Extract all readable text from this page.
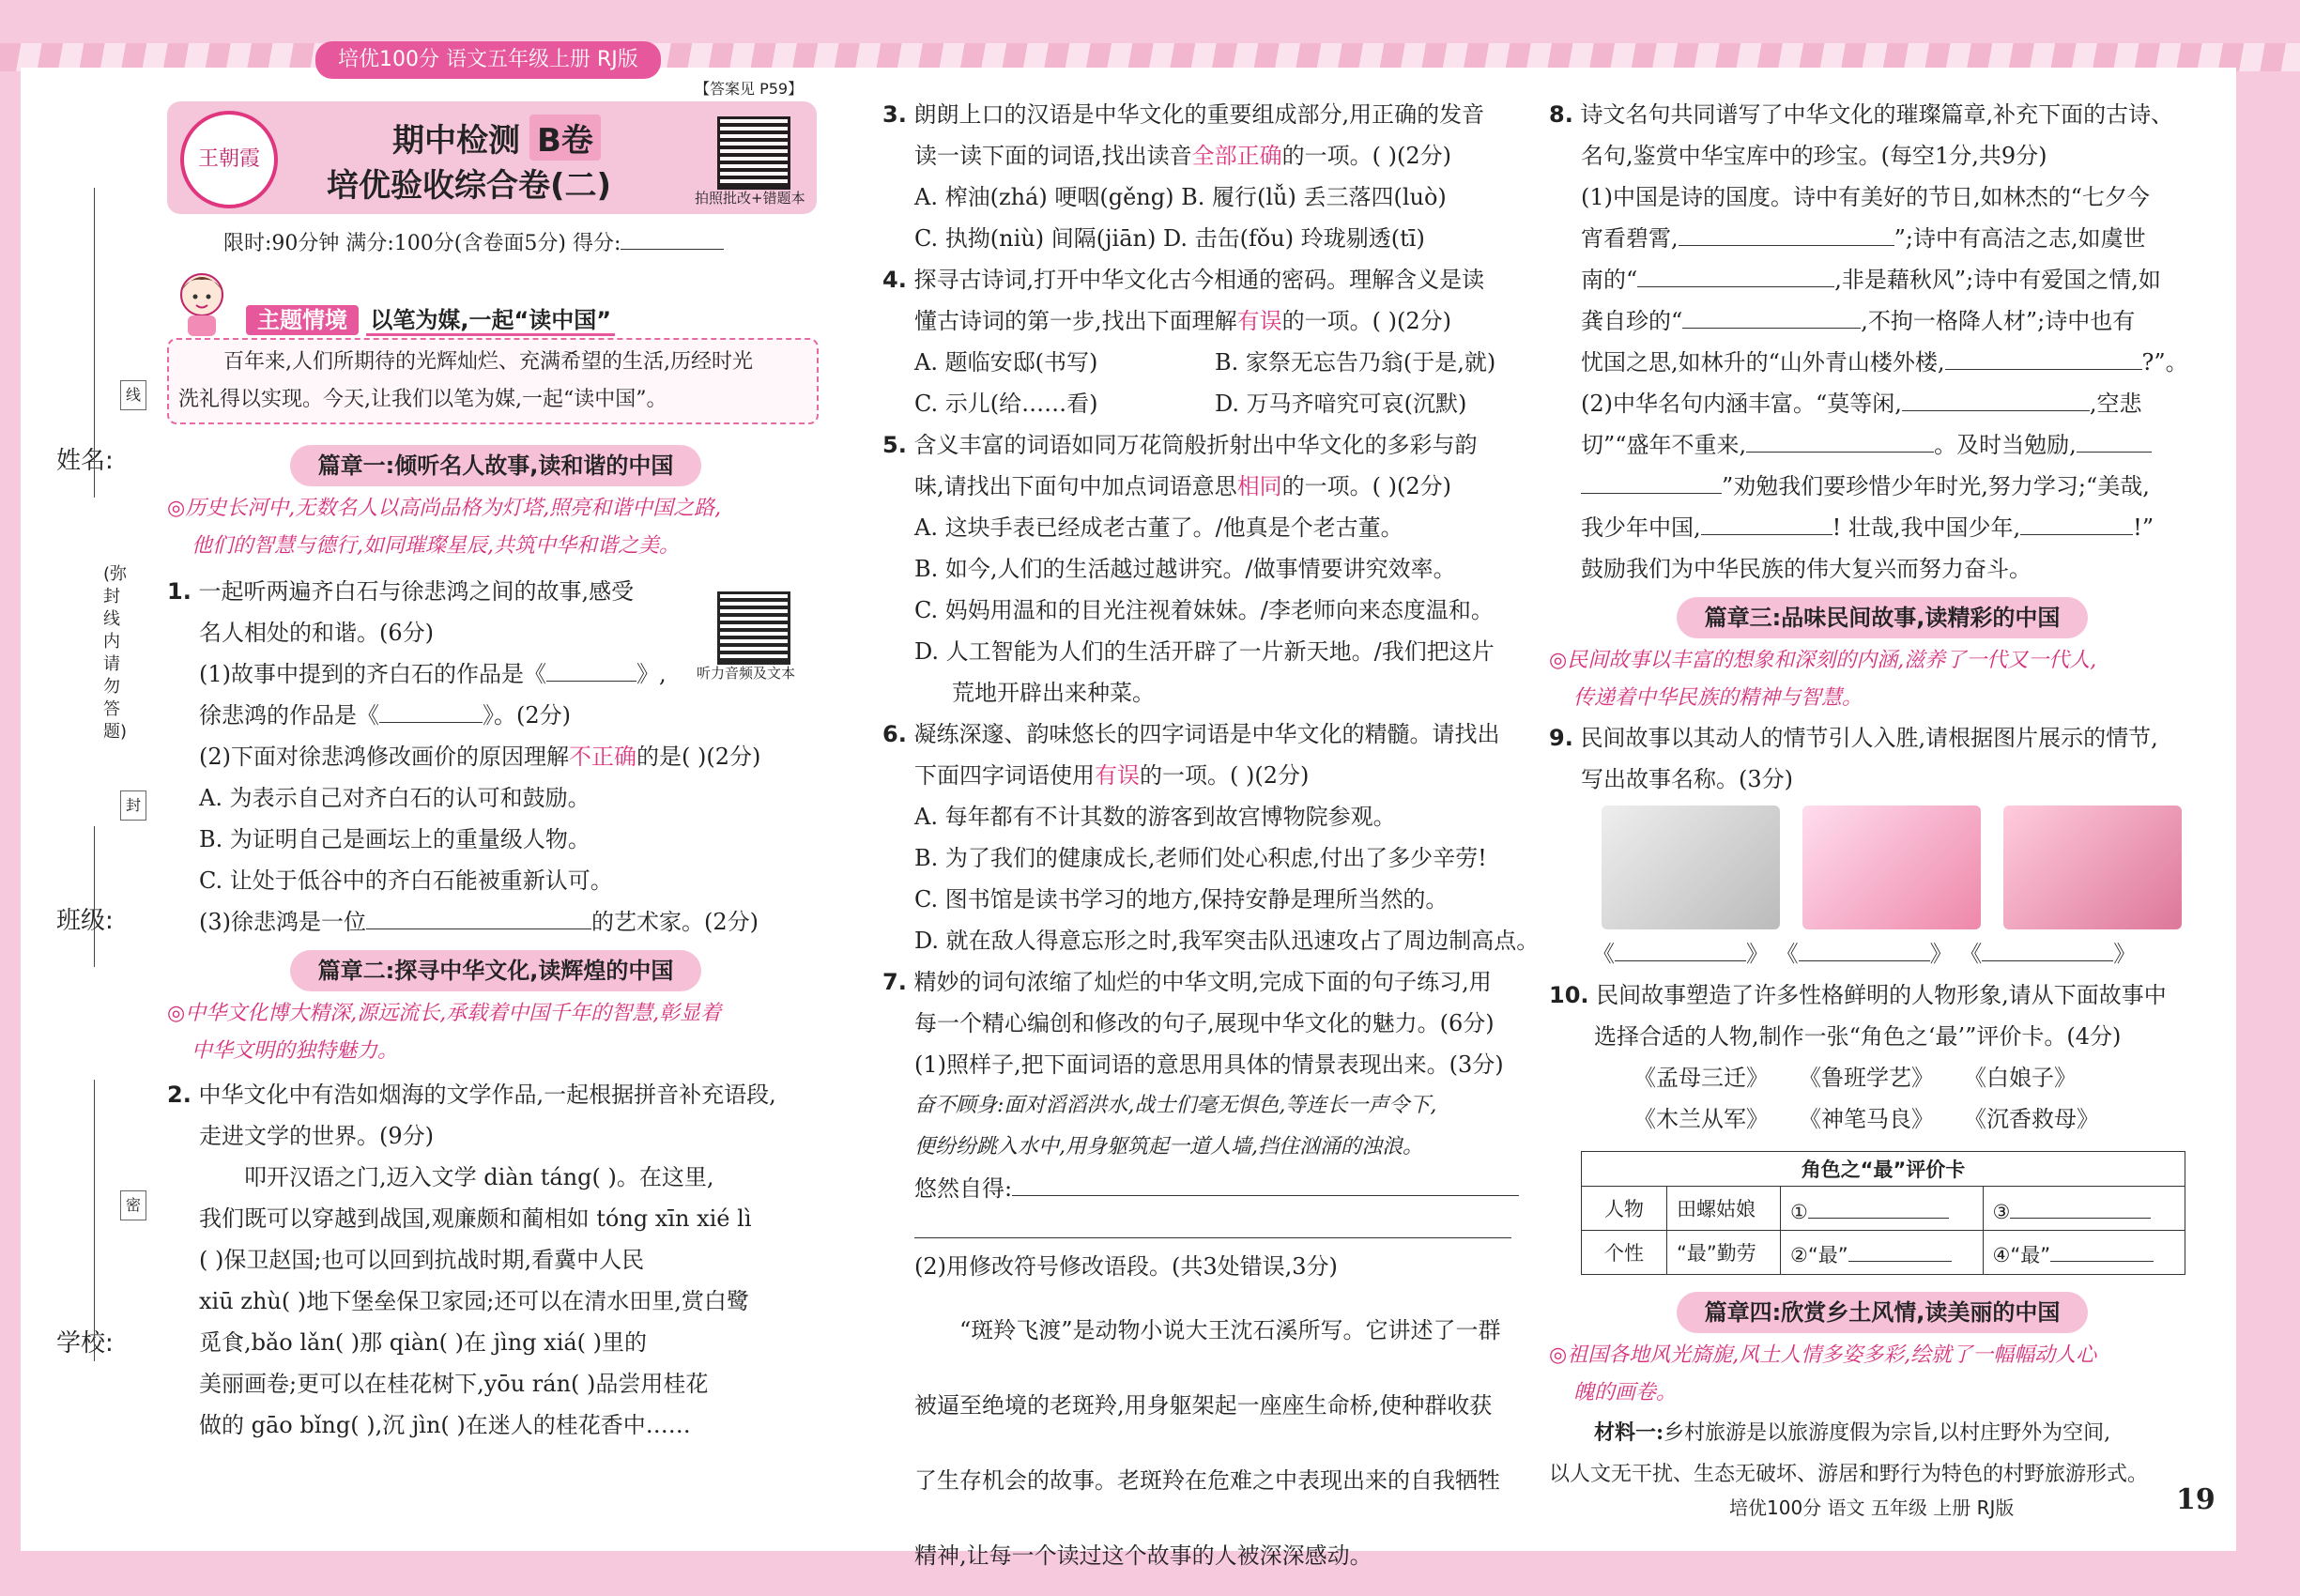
培优100分 语文五年级上册 RJ版
姓名:
班级:
学校:
线
封
密
(弥封线内请勿答题)
王朝霞	期中检测 B卷
培优验收综合卷(二)
【答案见 P59】
拍照批改+错题本
限时:90分钟 满分:100分(含卷面5分) 得分:
主题情境 以笔为媒,一起“读中国”
百年来,人们所期待的光辉灿烂、充满希望的生活,历经时光
洗礼得以实现。今天,让我们以笔为媒,一起“读中国”。
篇章一:倾听名人故事,读和谐的中国
◎历史长河中,无数名人以高尚品格为灯塔,照亮和谐中国之路,
他们的智慧与德行,如同璀璨星辰,共筑中华和谐之美。
1. 一起听两遍齐白石与徐悲鸿之间的故事,感受
名人相处的和谐。(6分)
听力音频及文本
(1)故事中提到的齐白石的作品是《	》,
徐悲鸿的作品是《	》。(2分)
(2)下面对徐悲鸿修改画价的原因理解不正确的是( )(2分)
A. 为表示自己对齐白石的认可和鼓励。
B. 为证明自己是画坛上的重量级人物。
C. 让处于低谷中的齐白石能被重新认可。
(3)徐悲鸿是一位	的艺术家。(2分)
篇章二:探寻中华文化,读辉煌的中国
◎中华文化博大精深,源远流长,承载着中国千年的智慧,彰显着
中华文明的独特魅力。
2. 中华文化中有浩如烟海的文学作品,一起根据拼音补充语段,
走进文学的世界。(9分)
叩开汉语之门,迈入文学 diàn táng( )。在这里,
我们既可以穿越到战国,观廉颇和蔺相如 tóng xīn xié lì
( )保卫赵国;也可以回到抗战时期,看冀中人民
xiū zhù( )地下堡垒保卫家园;还可以在清水田里,赏白鹭
觅食,bǎo lǎn( )那 qiàn( )在 jìng xiá( )里的
美丽画卷;更可以在桂花树下,yōu rán( )品尝用桂花
做的 gāo bǐng( ),沉 jìn( )在迷人的桂花香中……
3. 朗朗上口的汉语是中华文化的重要组成部分,用正确的发音
读一读下面的词语,找出读音全部正确的一项。( )(2分)
A. 榨油(zhá) 哽咽(gěng) B. 履行(lǚ) 丢三落四(luò)
C. 执拗(niù) 间隔(jiān) D. 击缶(fǒu) 玲珑剔透(tī)
4. 探寻古诗词,打开中华文化古今相通的密码。理解含义是读
懂古诗词的第一步,找出下面理解有误的一项。( )(2分)
A. 题临安邸(书写)	B. 家祭无忘告乃翁(于是,就)
C. 示儿(给……看)	D. 万马齐喑究可哀(沉默)
5. 含义丰富的词语如同万花筒般折射出中华文化的多彩与韵
味,请找出下面句中加点词语意思相同的一项。( )(2分)
A. 这块手表已经成老古董了。/他真是个老古董。
B. 如今,人们的生活越过越讲究。/做事情要讲究效率。
C. 妈妈用温和的目光注视着妹妹。/李老师向来态度温和。
D. 人工智能为人们的生活开辟了一片新天地。/我们把这片
荒地开辟出来种菜。
6. 凝练深邃、韵味悠长的四字词语是中华文化的精髓。请找出
下面四字词语使用有误的一项。( )(2分)
A. 每年都有不计其数的游客到故宫博物院参观。
B. 为了我们的健康成长,老师们处心积虑,付出了多少辛劳!
C. 图书馆是读书学习的地方,保持安静是理所当然的。
D. 就在敌人得意忘形之时,我军突击队迅速攻占了周边制高点。
7. 精妙的词句浓缩了灿烂的中华文明,完成下面的句子练习,用
每一个精心编创和修改的句子,展现中华文化的魅力。(6分)
(1)照样子,把下面词语的意思用具体的情景表现出来。(3分)
奋不顾身:面对滔滔洪水,战士们毫无惧色,等连长一声令下,
便纷纷跳入水中,用身躯筑起一道人墙,挡住汹涌的浊浪。
悠然自得:
(2)用修改符号修改语段。(共3处错误,3分)
“斑羚飞渡”是动物小说大王沈石溪所写。它讲述了一群
被逼至绝境的老斑羚,用身躯架起一座座生命桥,使种群收获
了生存机会的故事。老斑羚在危难之中表现出来的自我牺牲
精神,让每一个读过这个故事的人被深深感动。
8. 诗文名句共同谱写了中华文化的璀璨篇章,补充下面的古诗、
名句,鉴赏中华宝库中的珍宝。(每空1分,共9分)
(1)中国是诗的国度。诗中有美好的节日,如林杰的“七夕今
宵看碧霄,	”;诗中有高洁之志,如虞世
南的“	,非是藉秋风”;诗中有爱国之情,如
龚自珍的“	,不拘一格降人材”;诗中也有
忧国之思,如林升的“山外青山楼外楼,	?”。
(2)中华名句内涵丰富。“莫等闲,	,空悲
切”“盛年不重来,	。及时当勉励,
”劝勉我们要珍惜少年时光,努力学习;“美哉,
我少年中国,	! 壮哉,我中国少年,	!”
鼓励我们为中华民族的伟大复兴而努力奋斗。
篇章三:品味民间故事,读精彩的中国
◎民间故事以丰富的想象和深刻的内涵,滋养了一代又一代人,
传递着中华民族的精神与智慧。
9. 民间故事以其动人的情节引人入胜,请根据图片展示的情节,
写出故事名称。(3分)
《	》 《	》 《	》
10. 民间故事塑造了许多性格鲜明的人物形象,请从下面故事中
选择合适的人物,制作一张“角色之‘最’”评价卡。(4分)
《孟母三迁》 《鲁班学艺》 《白娘子》
《木兰从军》 《神笔马良》 《沉香救母》
角色之“最”评价卡			
人物	田螺姑娘	①	③
个性	“最”勤劳	②“最”	④“最”
篇章四:欣赏乡土风情,读美丽的中国
◎祖国各地风光旖旎,风土人情多姿多彩,绘就了一幅幅动人心
魄的画卷。
材料一:乡村旅游是以旅游度假为宗旨,以村庄野外为空间,
以人文无干扰、生态无破坏、游居和野行为特色的村野旅游形式。
培优100分 语文 五年级 上册 RJ版	19
